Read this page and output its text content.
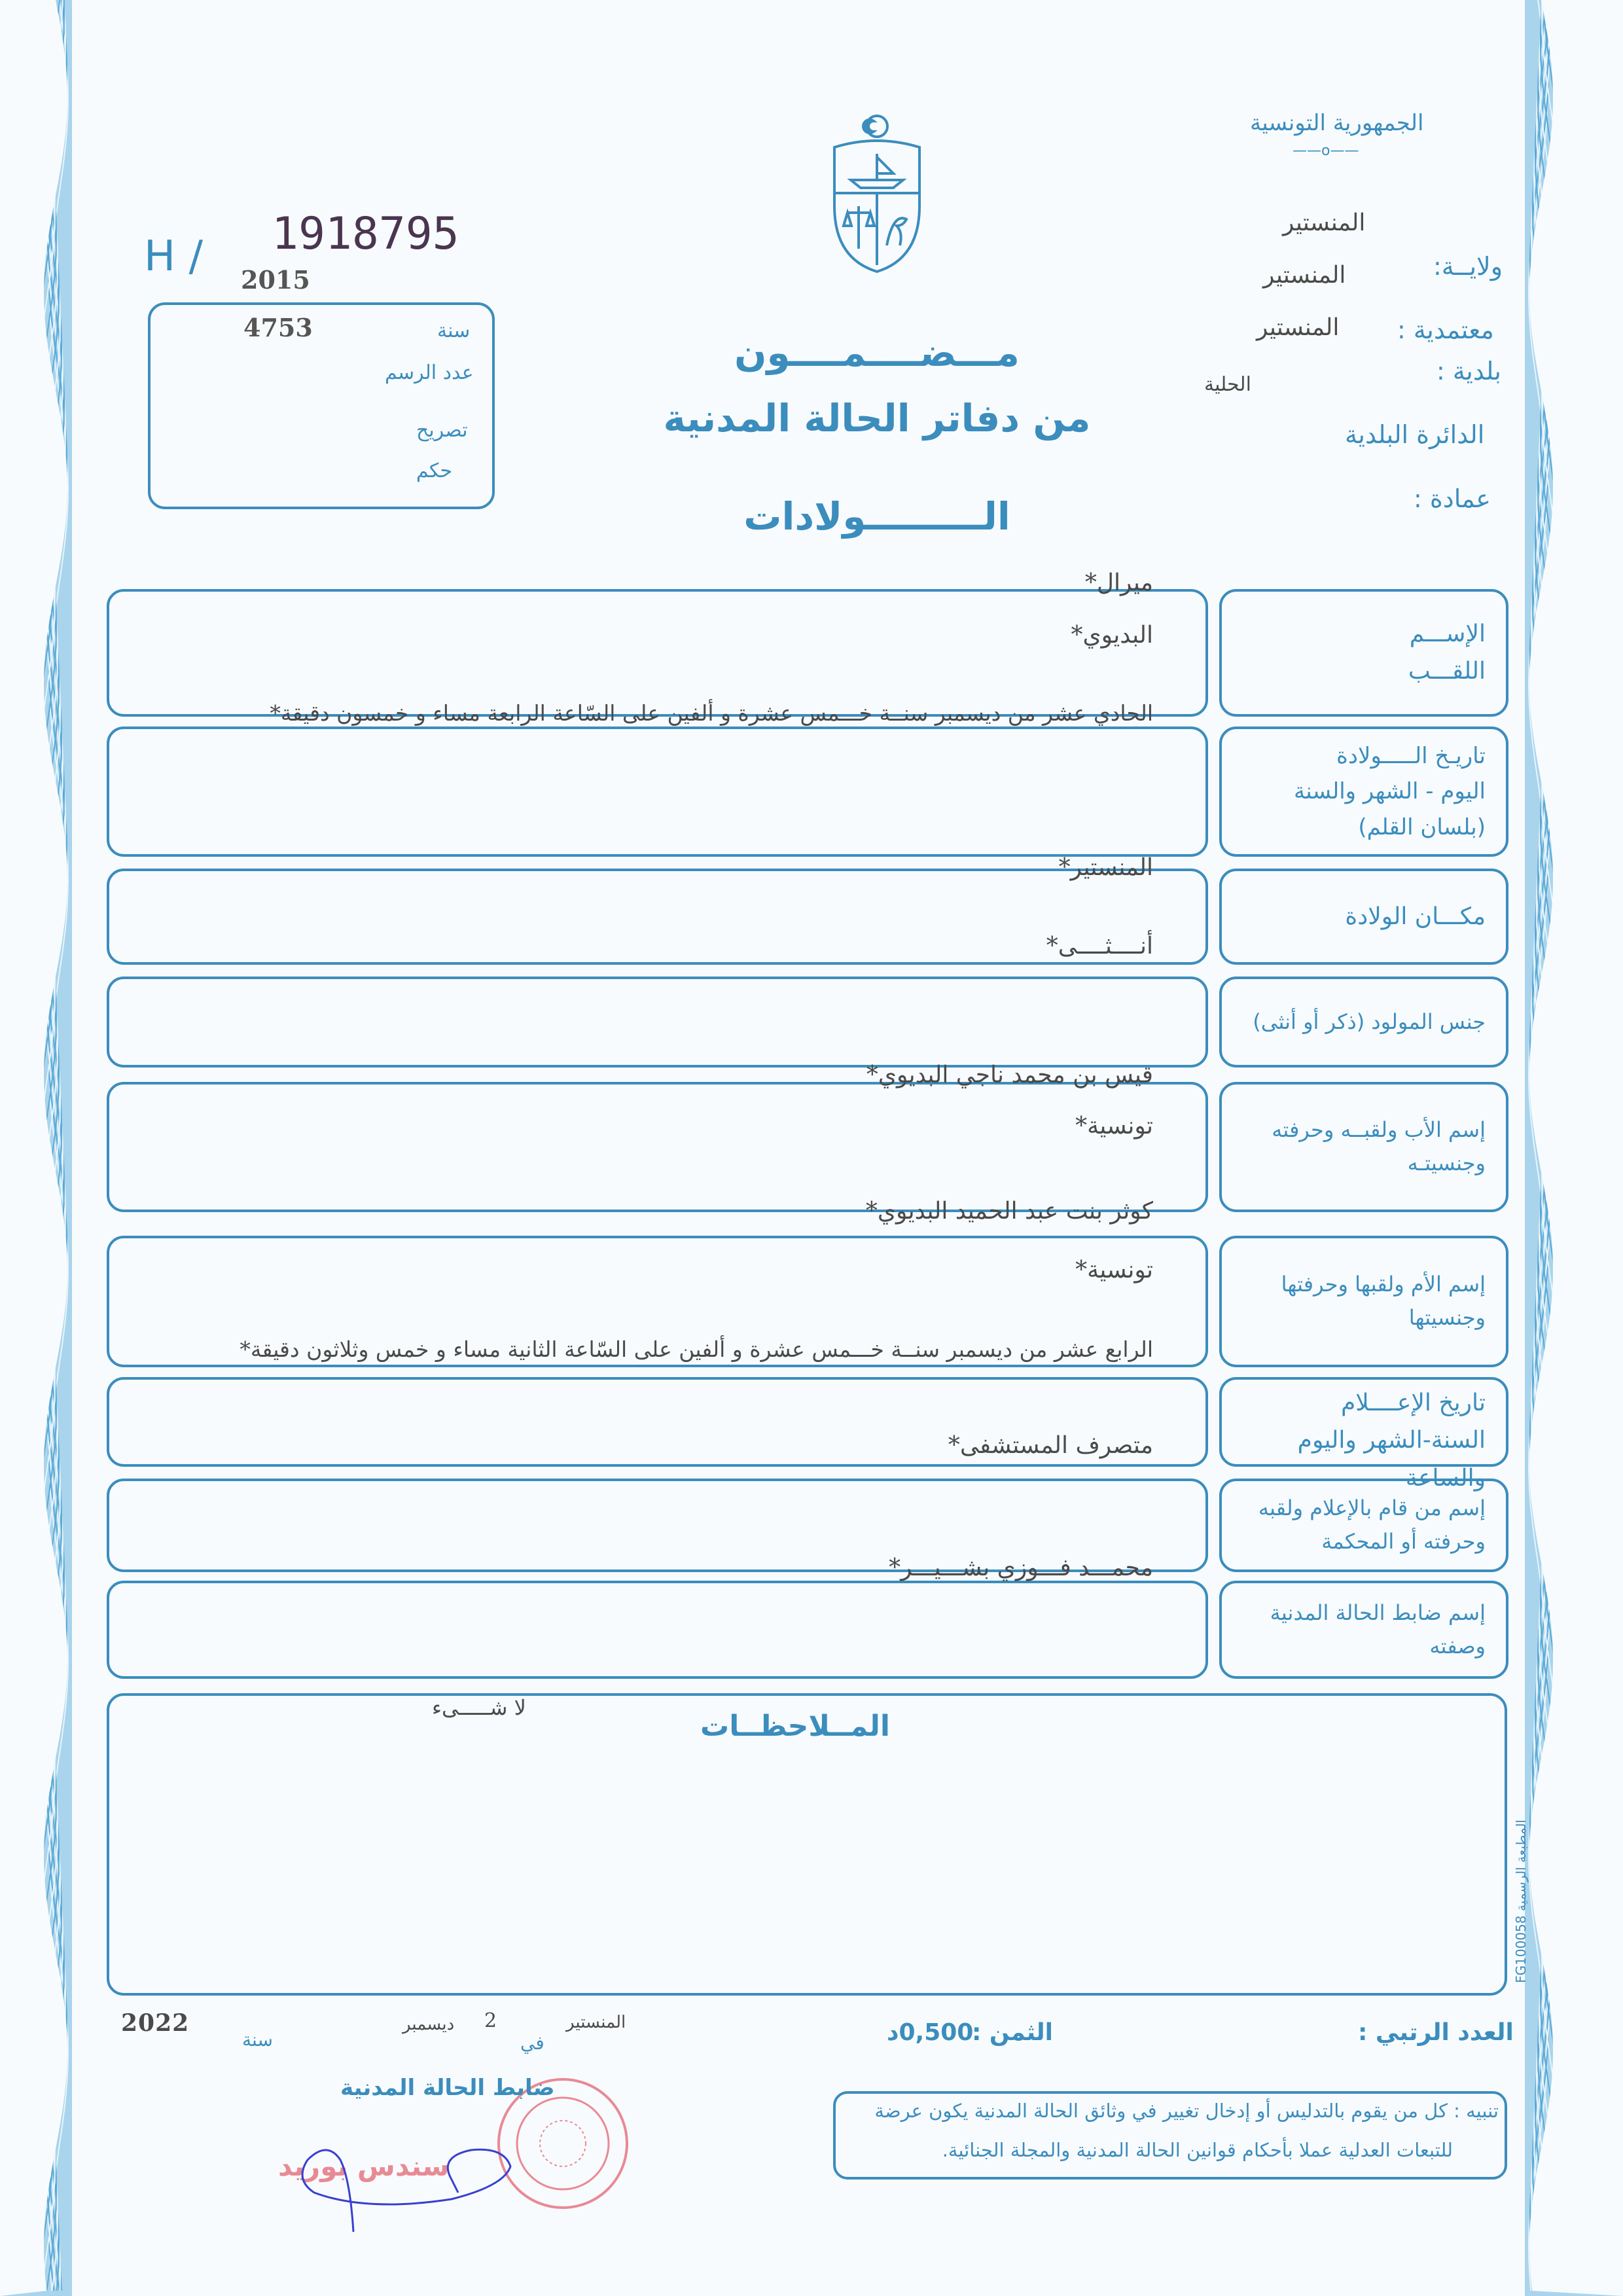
الجمهورية التونسية
——o——
المنستير
ولايــة:
المنستير
معتمدية :
المنستير
بلدية :
الحلية
الدائرة البلدية
عمادة :
H / 1918795
2015
4753	سنة
عدد الرسم
تصريح
حكم
مـــضــــمــــون
من دفاتر الحالة المدنية
الـــــــــولادات
الإســـم
اللقـــب
ميرال*
البديوي*
تاريـخ الـــــولادة
اليوم - الشهر والسنة
(بلسان القلم)
الحادي عشر من ديسمبر سنــة خـــمس عشرة و ألفين على السّاعة الرابعة مساء و خمسون دقيقة*
مكـــان الولادة
المنستير*
جنس المولود (ذكر أو أنثى)
أنــــثــــى*
إسم الأب ولقبــه وحرفته
وجنسيتـه
قيس بن محمد ناجي البديوي*
تونسية*
إسم الأم ولقبها وحرفتها
وجنسيتها
كوثر بنت عبد الحميد البديوي*
تونسية*
تاريخ الإعــــلام
السنة-الشهر واليوم والساعة
الرابع عشر من ديسمبر سنــة خـــمس عشرة و ألفين على السّاعة الثانية مساء و خمس وثلاثون دقيقة*
إسم من قام بالإعلام ولقبه
وحرفته أو المحكمة
متصرف المستشفى*
إسم ضابط الحالة المدنية
وصفته
محمـــد فـــوزي بشـــيـــر*
المــلاحظــات
لا شـــــىء
المطبعة الرسمية FG100058
العدد الرتبي :
الثمن :
0,500د
المنستير
في
2
ديسمبر
سنة
2022
ضابط الحالة المدنية
سندس بوريد
تنبيه : كل من يقوم بالتدليس أو إدخال تغيير في وثائق الحالة المدنية يكون عرضة
للتبعات العدلية عملا بأحكام قوانين الحالة المدنية والمجلة الجنائية.
